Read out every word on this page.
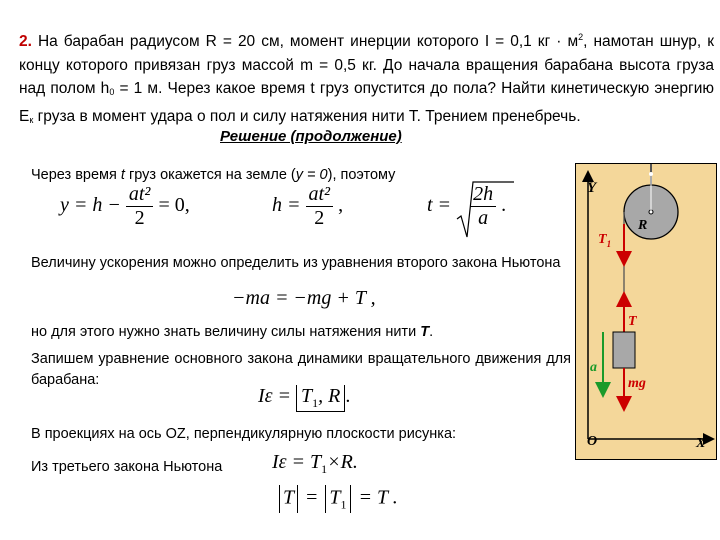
2. На барабан радиусом R = 20 см, момент инерции которого I = 0,1 кг · $м^2$, намотан шнур, к концу которого привязан груз массой m = 0,5 кг. До начала вращения барабана высота груза над полом $h_0 = 1$ м. Через какое время t груз опустится до пола? Найти кинетическую энергию $E_к$ груза в момент удара о пол и силу натяжения нити T. Трением пренебречь.
Решение (продолжение)
Через время t груз окажется на земле (y = 0), поэтому
$y = h - \frac{\text{at²}}{2} = 0$,	$h = \frac{\text{at²}}{2}$ ,	$t = \frac{2h}{a}$ .
Величину ускорения можно определить из уравнения второго закона Ньютона
−ma = −mg + T ,
но для этого нужно знать величину силы натяжения нити T.
Запишем уравнение основного закона динамики вращательного движения для барабана:
$I\varepsilon = T_1$, R .
В проекциях на ось OZ, перпендикулярную плоскости рисунка:
$I\varepsilon = T_1\times R$.
Из третьего закона Ньютона
$T = T_1 = T$ .
Y
R
$T_1$
T
a
mg
O	X
